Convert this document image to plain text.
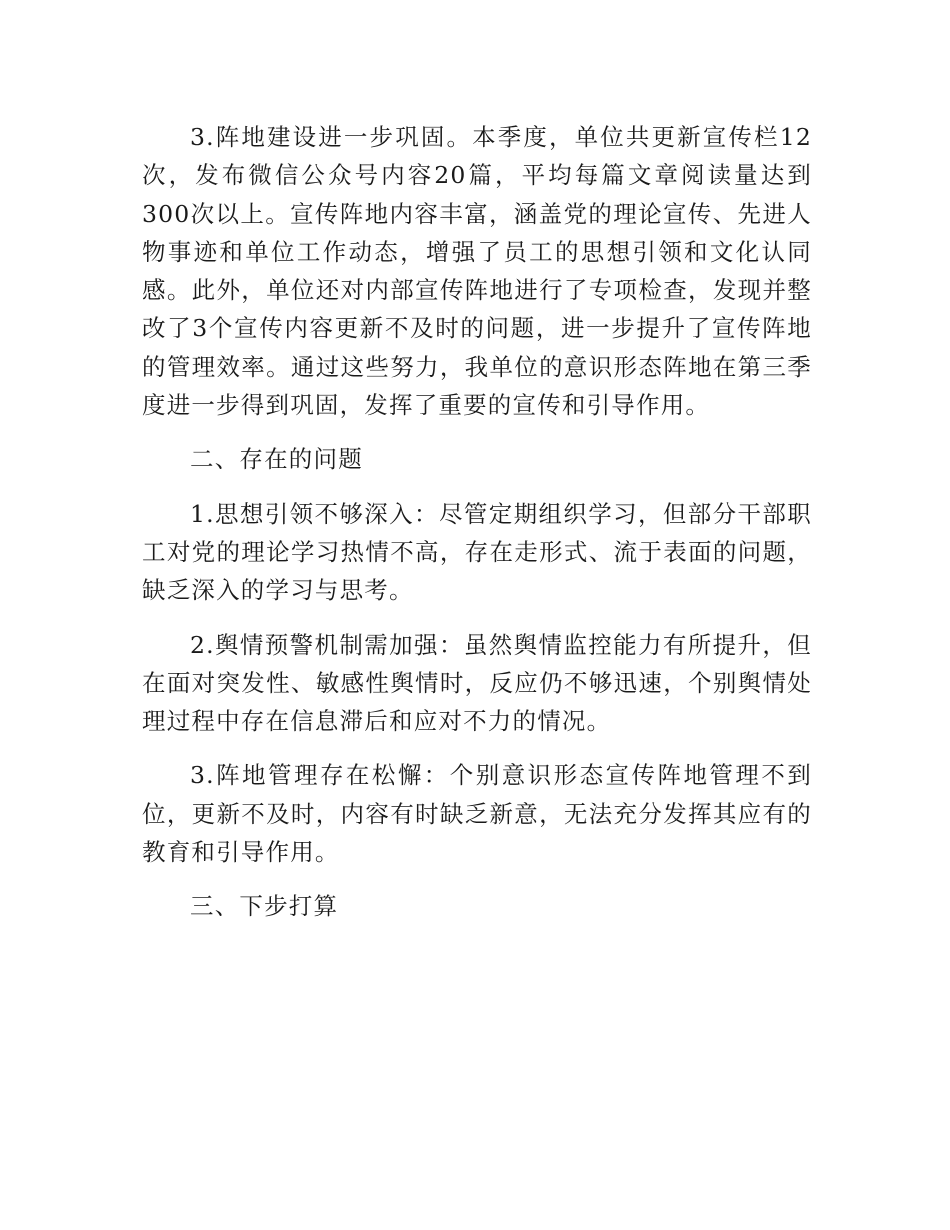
3.阵地建设进一步巩固。本季度，单位共更新宣传栏12次，发布微信公众号内容20篇，平均每篇文章阅读量达到300次以上。宣传阵地内容丰富，涵盖党的理论宣传、先进人物事迹和单位工作动态，增强了员工的思想引领和文化认同感。此外，单位还对内部宣传阵地进行了专项检查，发现并整改了3个宣传内容更新不及时的问题，进一步提升了宣传阵地的管理效率。通过这些努力，我单位的意识形态阵地在第三季度进一步得到巩固，发挥了重要的宣传和引导作用。

二、存在的问题

1.思想引领不够深入：尽管定期组织学习，但部分干部职工对党的理论学习热情不高，存在走形式、流于表面的问题，缺乏深入的学习与思考。

2.舆情预警机制需加强：虽然舆情监控能力有所提升，但在面对突发性、敏感性舆情时，反应仍不够迅速，个别舆情处理过程中存在信息滞后和应对不力的情况。

3.阵地管理存在松懈：个别意识形态宣传阵地管理不到位，更新不及时，内容有时缺乏新意，无法充分发挥其应有的教育和引导作用。

三、下步打算
